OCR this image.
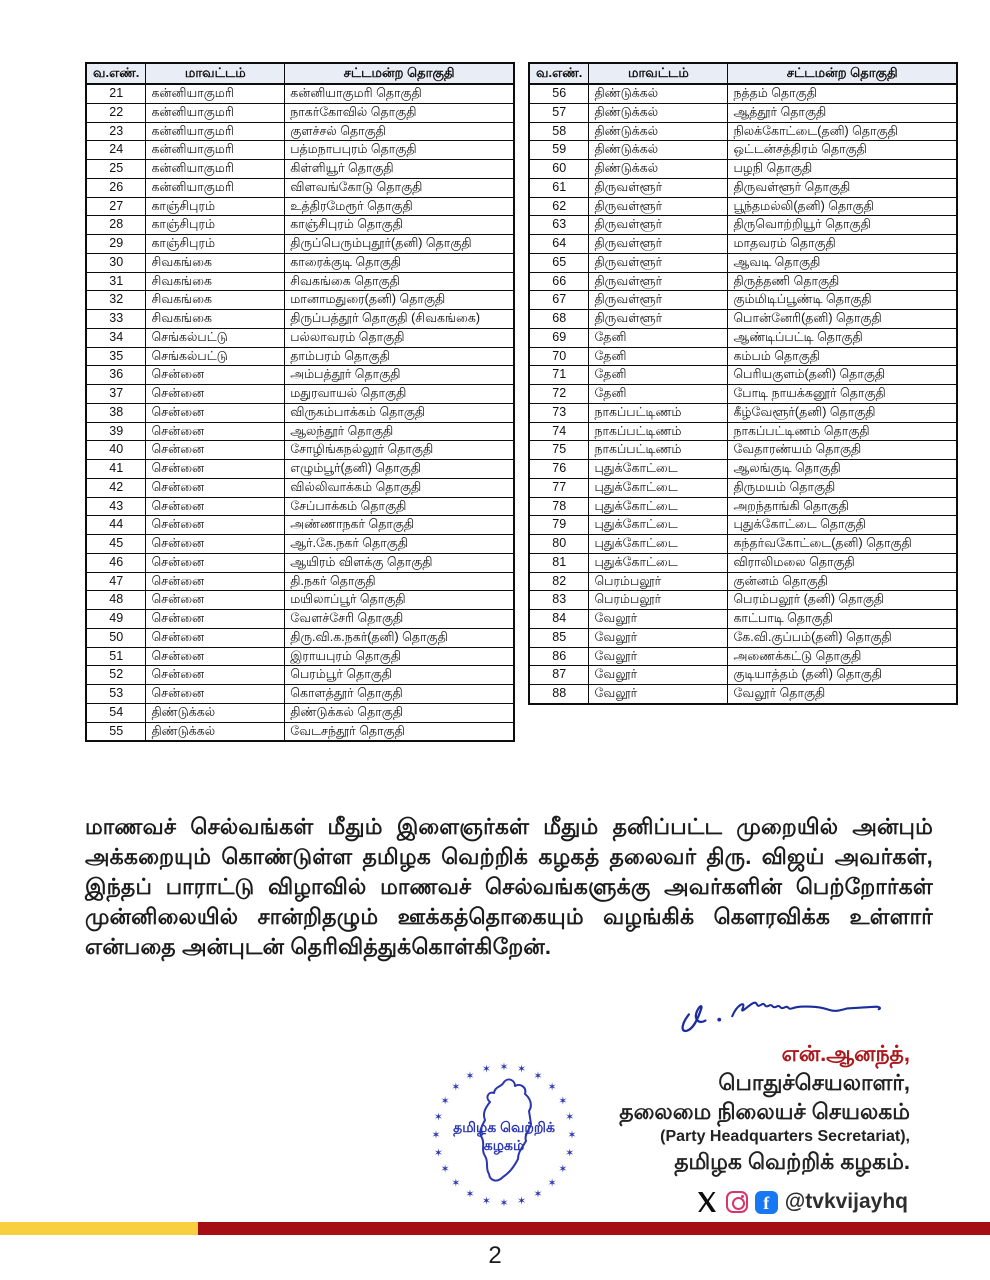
வ.எண்.	மாவட்டம்	சட்டமன்ற தொகுதி
21	கன்னியாகுமரி	கன்னியாகுமரி தொகுதி
22	கன்னியாகுமரி	நாகர்கோவில் தொகுதி
23	கன்னியாகுமரி	குளச்சல் தொகுதி
24	கன்னியாகுமரி	பத்மநாபபுரம் தொகுதி
25	கன்னியாகுமரி	கிள்ளியூர் தொகுதி
26	கன்னியாகுமரி	விளவங்கோடு தொகுதி
27	காஞ்சிபுரம்	உத்திரமேரூர் தொகுதி
28	காஞ்சிபுரம்	காஞ்சிபுரம் தொகுதி
29	காஞ்சிபுரம்	திருப்பெரும்புதூர்(தனி) தொகுதி
30	சிவகங்கை	காரைக்குடி தொகுதி
31	சிவகங்கை	சிவகங்கை தொகுதி
32	சிவகங்கை	மானாமதுரை(தனி) தொகுதி
33	சிவகங்கை	திருப்பத்தூர் தொகுதி (சிவகங்கை)
34	செங்கல்பட்டு	பல்லாவரம் தொகுதி
35	செங்கல்பட்டு	தாம்பரம் தொகுதி
36	சென்னை	அம்பத்தூர் தொகுதி
37	சென்னை	மதுரவாயல் தொகுதி
38	சென்னை	விருகம்பாக்கம் தொகுதி
39	சென்னை	ஆலந்தூர் தொகுதி
40	சென்னை	சோழிங்கநல்லூர் தொகுதி
41	சென்னை	எழும்பூர்(தனி) தொகுதி
42	சென்னை	வில்லிவாக்கம் தொகுதி
43	சென்னை	சேப்பாக்கம் தொகுதி
44	சென்னை	அண்ணாநகர் தொகுதி
45	சென்னை	ஆர்.கே.நகர் தொகுதி
46	சென்னை	ஆயிரம் விளக்கு தொகுதி
47	சென்னை	தி.நகர் தொகுதி
48	சென்னை	மயிலாப்பூர் தொகுதி
49	சென்னை	வேளச்சேரி தொகுதி
50	சென்னை	திரு.வி.க.நகர்(தனி) தொகுதி
51	சென்னை	இராயபுரம் தொகுதி
52	சென்னை	பெரம்பூர் தொகுதி
53	சென்னை	கொளத்தூர் தொகுதி
54	திண்டுக்கல்	திண்டுக்கல் தொகுதி
55	திண்டுக்கல்	வேடசந்தூர் தொகுதி
வ.எண்.	மாவட்டம்	சட்டமன்ற தொகுதி
56	திண்டுக்கல்	நத்தம் தொகுதி
57	திண்டுக்கல்	ஆத்தூர் தொகுதி
58	திண்டுக்கல்	நிலக்கோட்டை(தனி) தொகுதி
59	திண்டுக்கல்	ஒட்டன்சத்திரம் தொகுதி
60	திண்டுக்கல்	பழநி தொகுதி
61	திருவள்ளூர்	திருவள்ளூர் தொகுதி
62	திருவள்ளூர்	பூந்தமல்லி(தனி) தொகுதி
63	திருவள்ளூர்	திருவொற்றியூர் தொகுதி
64	திருவள்ளூர்	மாதவரம் தொகுதி
65	திருவள்ளூர்	ஆவடி தொகுதி
66	திருவள்ளூர்	திருத்தணி தொகுதி
67	திருவள்ளூர்	கும்மிடிப்பூண்டி தொகுதி
68	திருவள்ளூர்	பொன்னேரி(தனி) தொகுதி
69	தேனி	ஆண்டிப்பட்டி தொகுதி
70	தேனி	கம்பம் தொகுதி
71	தேனி	பெரியகுளம்(தனி) தொகுதி
72	தேனி	போடி நாயக்கனூர் தொகுதி
73	நாகப்பட்டிணம்	கீழ்வேளூர்(தனி) தொகுதி
74	நாகப்பட்டிணம்	நாகப்பட்டிணம் தொகுதி
75	நாகப்பட்டிணம்	வேதாரண்யம் தொகுதி
76	புதுக்கோட்டை	ஆலங்குடி தொகுதி
77	புதுக்கோட்டை	திருமயம் தொகுதி
78	புதுக்கோட்டை	அறந்தாங்கி தொகுதி
79	புதுக்கோட்டை	புதுக்கோட்டை தொகுதி
80	புதுக்கோட்டை	கந்தர்வகோட்டை(தனி) தொகுதி
81	புதுக்கோட்டை	விராலிமலை தொகுதி
82	பெரம்பலூர்	குன்னம் தொகுதி
83	பெரம்பலூர்	பெரம்பலூர் (தனி) தொகுதி
84	வேலூர்	காட்பாடி தொகுதி
85	வேலூர்	கே.வி.குப்பம்(தனி) தொகுதி
86	வேலூர்	அணைக்கட்டு தொகுதி
87	வேலூர்	குடியாத்தம் (தனி) தொகுதி
88	வேலூர்	வேலூர் தொகுதி

மாணவச் செல்வங்கள் மீதும் இளைஞர்கள் மீதும் தனிப்பட்ட முறையில் அன்பும் அக்கறையும் கொண்டுள்ள தமிழக வெற்றிக் கழகத் தலைவர் திரு. விஜய் அவர்கள், இந்தப் பாராட்டு விழாவில் மாணவச் செல்வங்களுக்கு அவர்களின் பெற்றோர்கள் முன்னிலையில் சான்றிதழும் ஊக்கத்தொகையும் வழங்கிக் கௌரவிக்க உள்ளார் என்பதை அன்புடன் தெரிவித்துக்கொள்கிறேன்.

என்.ஆனந்த்,
பொதுச்செயலாளர்,
தலைமை நிலையச் செயலகம்
(Party Headquarters Secretariat),
தமிழக வெற்றிக் கழகம்.
✶ ✶
✶
✶
✶
✶
✶
✶
✶
✶
✶
✶
✶
✶
✶
✶
✶
✶
✶
✶
✶
✶
✶
✶
தமிழக வெற்றிக்
கழகம்
f @tvkvijayhq
2
